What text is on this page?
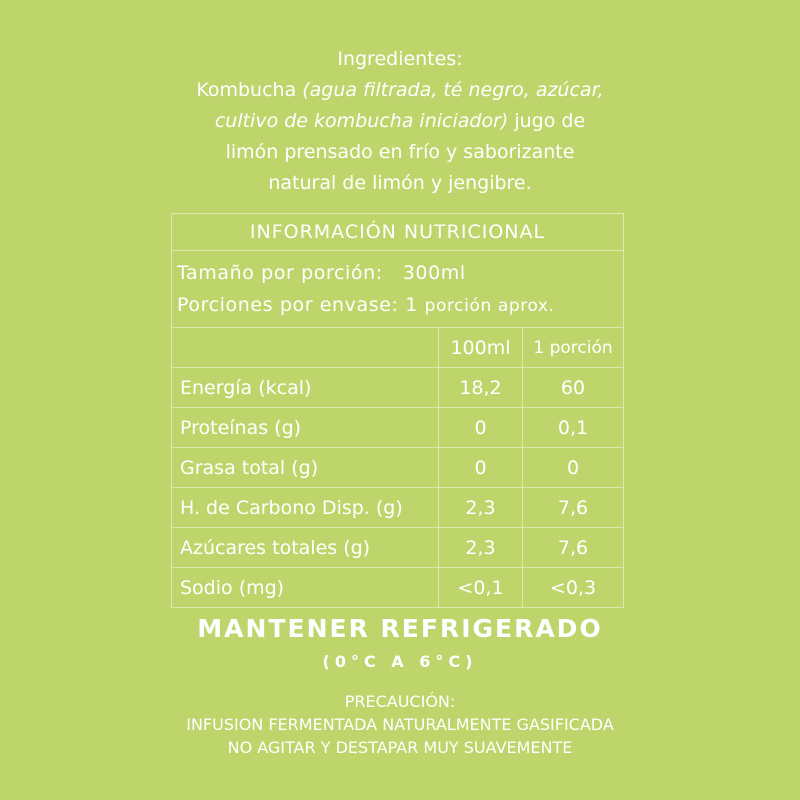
Ingredientes:
Kombucha (agua filtrada, té negro, azúcar,
cultivo de kombucha iniciador) jugo de
limón prensado en frío y saborizante
natural de limón y jengibre.
INFORMACIÓN NUTRICIONAL		

Tamaño por porción: 300ml
Porciones por envase: 1 porción aprox.		

	100ml	1 porción
Energía (kcal)	18,2	60
Proteínas (g)	0	0,1
Grasa total (g)	0	0
H. de Carbono Disp. (g)	2,3	7,6
Azúcares totales (g)	2,3	7,6
Sodio (mg)	<0,1	<0,3
MANTENER REFRIGERADO
(0°C A 6°C)
PRECAUCIÓN:
INFUSION FERMENTADA NATURALMENTE GASIFICADA
NO AGITAR Y DESTAPAR MUY SUAVEMENTE
